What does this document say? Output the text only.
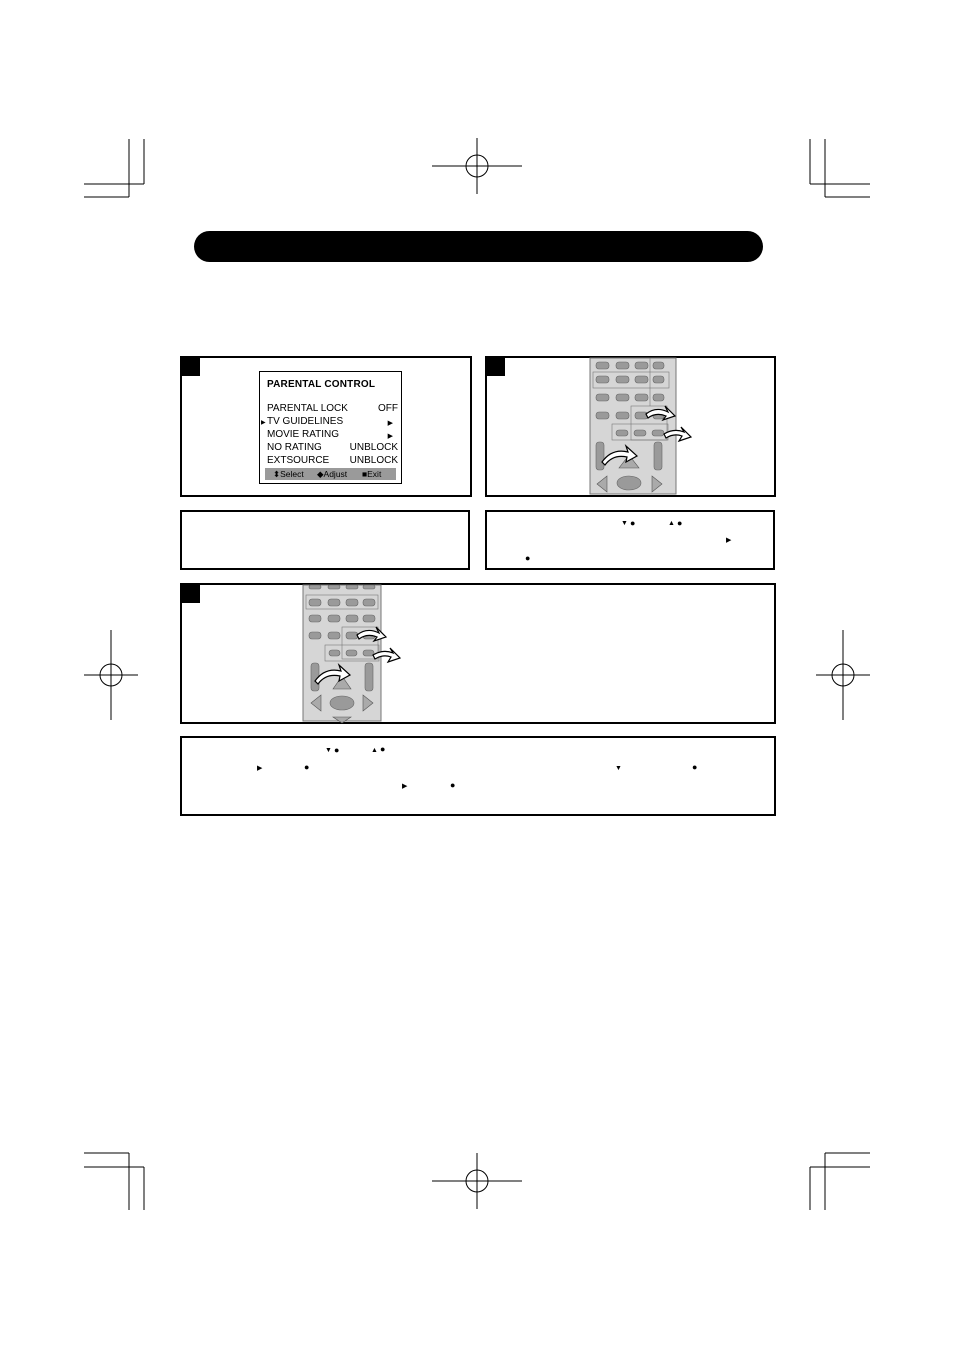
PARENTAL CONTROL
PARENTAL LOCK	OFF
▶ TV GUIDELINES	▶
MOVIE RATING	▶
NO RATING	UNBLOCK
EXTSOURCE UNBLOCK
⬍Select ◆Adjust ■Exit
▼ ●	▲ ●
▶
●
▼ ●	▲ ●
▶	●	▼	●
▶	●
